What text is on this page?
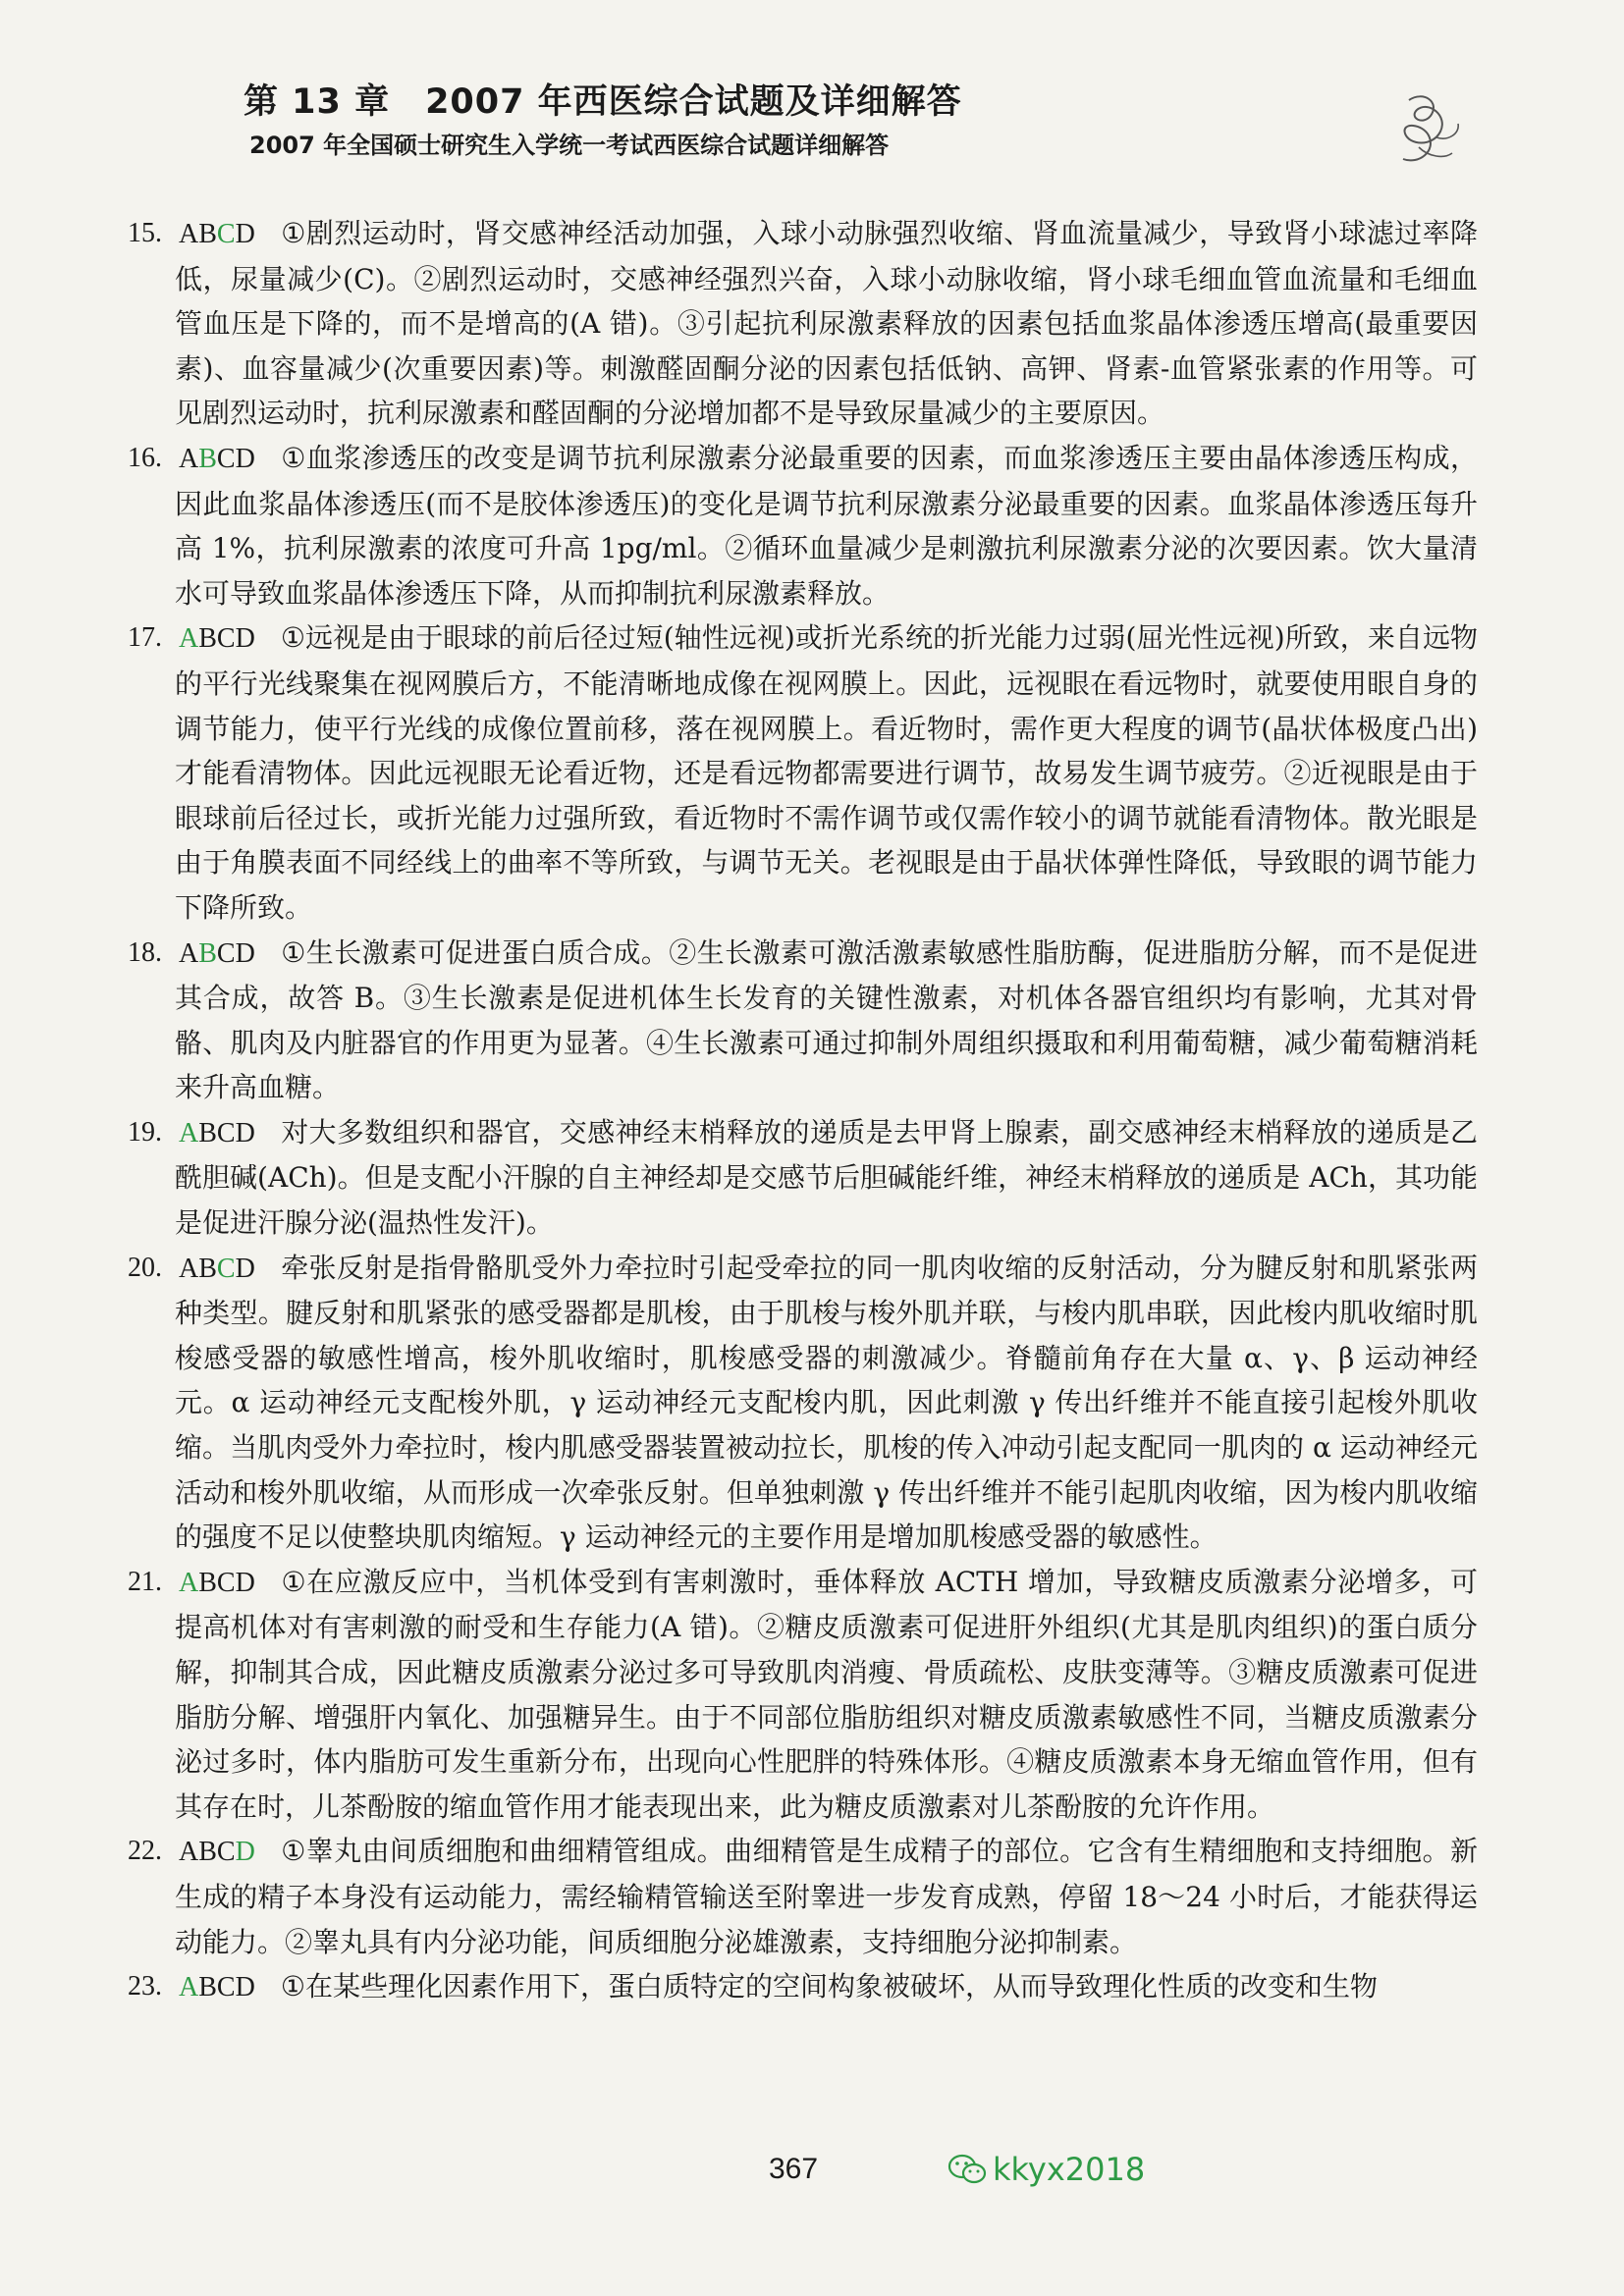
第 13 章　2007 年西医综合试题及详细解答

2007 年全国硕士研究生入学统一考试西医综合试题详细解答

15. ABCD ①剧烈运动时，肾交感神经活动加强，入球小动脉强烈收缩、肾血流量减少，导致肾小球滤过率降低，尿量减少(C)。②剧烈运动时，交感神经强烈兴奋，入球小动脉收缩，肾小球毛细血管血流量和毛细血管血压是下降的，而不是增高的(A 错)。③引起抗利尿激素释放的因素包括血浆晶体渗透压增高(最重要因素)、血容量减少(次重要因素)等。刺激醛固酮分泌的因素包括低钠、高钾、肾素-血管紧张素的作用等。可见剧烈运动时，抗利尿激素和醛固酮的分泌增加都不是导致尿量减少的主要原因。

16. ABCD ①血浆渗透压的改变是调节抗利尿激素分泌最重要的因素，而血浆渗透压主要由晶体渗透压构成，因此血浆晶体渗透压(而不是胶体渗透压)的变化是调节抗利尿激素分泌最重要的因素。血浆晶体渗透压每升高 1%，抗利尿激素的浓度可升高 1pg/ml。②循环血量减少是刺激抗利尿激素分泌的次要因素。饮大量清水可导致血浆晶体渗透压下降，从而抑制抗利尿激素释放。

17. ABCD ①远视是由于眼球的前后径过短(轴性远视)或折光系统的折光能力过弱(屈光性远视)所致，来自远物的平行光线聚集在视网膜后方，不能清晰地成像在视网膜上。因此，远视眼在看远物时，就要使用眼自身的调节能力，使平行光线的成像位置前移，落在视网膜上。看近物时，需作更大程度的调节(晶状体极度凸出)才能看清物体。因此远视眼无论看近物，还是看远物都需要进行调节，故易发生调节疲劳。②近视眼是由于眼球前后径过长，或折光能力过强所致，看近物时不需作调节或仅需作较小的调节就能看清物体。散光眼是由于角膜表面不同经线上的曲率不等所致，与调节无关。老视眼是由于晶状体弹性降低，导致眼的调节能力下降所致。

18. ABCD ①生长激素可促进蛋白质合成。②生长激素可激活激素敏感性脂肪酶，促进脂肪分解，而不是促进其合成，故答 B。③生长激素是促进机体生长发育的关键性激素，对机体各器官组织均有影响，尤其对骨骼、肌肉及内脏器官的作用更为显著。④生长激素可通过抑制外周组织摄取和利用葡萄糖，减少葡萄糖消耗来升高血糖。

19. ABCD 对大多数组织和器官，交感神经末梢释放的递质是去甲肾上腺素，副交感神经末梢释放的递质是乙酰胆碱(ACh)。但是支配小汗腺的自主神经却是交感节后胆碱能纤维，神经末梢释放的递质是 ACh，其功能是促进汗腺分泌(温热性发汗)。

20. ABCD 牵张反射是指骨骼肌受外力牵拉时引起受牵拉的同一肌肉收缩的反射活动，分为腱反射和肌紧张两种类型。腱反射和肌紧张的感受器都是肌梭，由于肌梭与梭外肌并联，与梭内肌串联，因此梭内肌收缩时肌梭感受器的敏感性增高，梭外肌收缩时，肌梭感受器的刺激减少。脊髓前角存在大量 α、γ、β 运动神经元。α 运动神经元支配梭外肌，γ 运动神经元支配梭内肌，因此刺激 γ 传出纤维并不能直接引起梭外肌收缩。当肌肉受外力牵拉时，梭内肌感受器装置被动拉长，肌梭的传入冲动引起支配同一肌肉的 α 运动神经元活动和梭外肌收缩，从而形成一次牵张反射。但单独刺激 γ 传出纤维并不能引起肌肉收缩，因为梭内肌收缩的强度不足以使整块肌肉缩短。γ 运动神经元的主要作用是增加肌梭感受器的敏感性。

21. ABCD ①在应激反应中，当机体受到有害刺激时，垂体释放 ACTH 增加，导致糖皮质激素分泌增多，可提高机体对有害刺激的耐受和生存能力(A 错)。②糖皮质激素可促进肝外组织(尤其是肌肉组织)的蛋白质分解，抑制其合成，因此糖皮质激素分泌过多可导致肌肉消瘦、骨质疏松、皮肤变薄等。③糖皮质激素可促进脂肪分解、增强肝内氧化、加强糖异生。由于不同部位脂肪组织对糖皮质激素敏感性不同，当糖皮质激素分泌过多时，体内脂肪可发生重新分布，出现向心性肥胖的特殊体形。④糖皮质激素本身无缩血管作用，但有其存在时，儿茶酚胺的缩血管作用才能表现出来，此为糖皮质激素对儿茶酚胺的允许作用。

22. ABCD ①睾丸由间质细胞和曲细精管组成。曲细精管是生成精子的部位。它含有生精细胞和支持细胞。新生成的精子本身没有运动能力，需经输精管输送至附睾进一步发育成熟，停留 18～24 小时后，才能获得运动能力。②睾丸具有内分泌功能，间质细胞分泌雄激素，支持细胞分泌抑制素。

23. ABCD ①在某些理化因素作用下，蛋白质特定的空间构象被破坏，从而导致理化性质的改变和生物

367	kkyx2018
